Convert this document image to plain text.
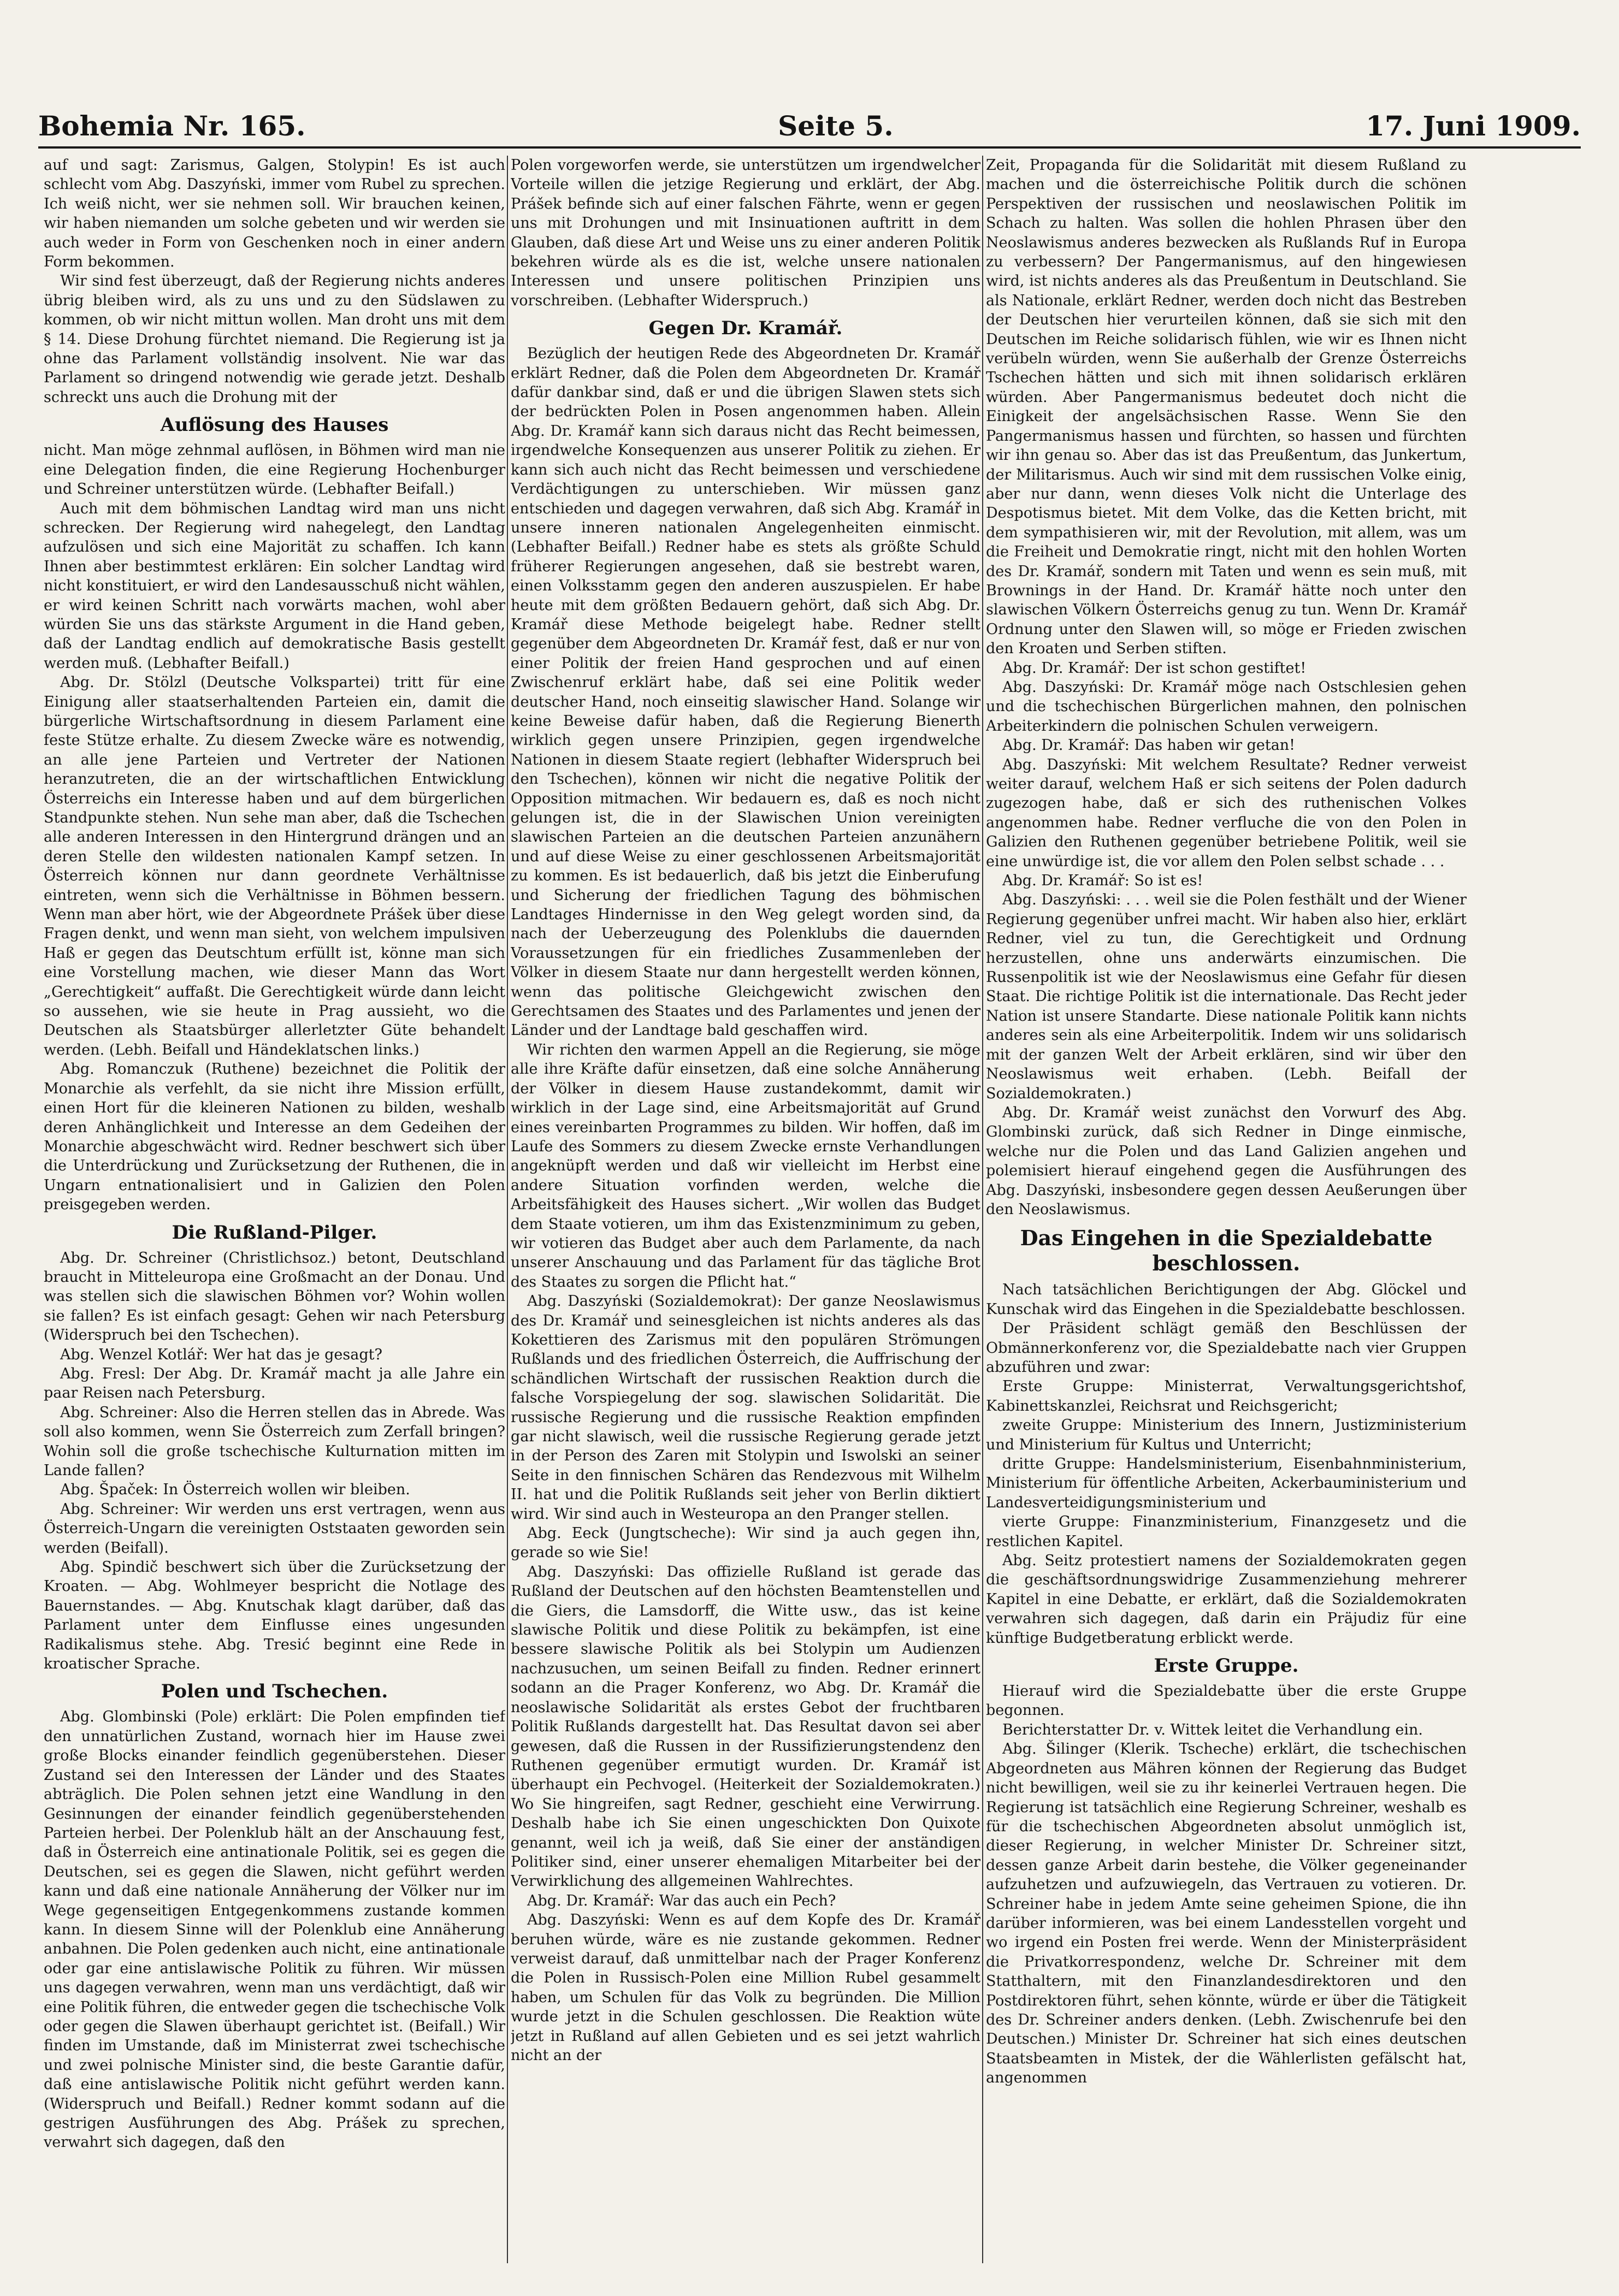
Bohemia Nr. 165.	Seite 5.	17. Juni 1909.

auf und sagt: Zarismus, Galgen, Stolypin! Es ist auch schlecht vom Abg. Daszyński, immer vom Rubel zu sprechen. Ich weiß nicht, wer sie nehmen soll. Wir brauchen keinen, wir haben niemanden um solche gebeten und wir werden sie auch weder in Form von Geschenken noch in einer andern Form bekommen.

Wir sind fest überzeugt, daß der Regierung nichts anderes übrig bleiben wird, als zu uns und zu den Südslawen zu kommen, ob wir nicht mittun wollen. Man droht uns mit dem § 14. Diese Drohung fürchtet niemand. Die Regierung ist ja ohne das Parlament vollständig insolvent. Nie war das Parlament so dringend notwendig wie gerade jetzt. Deshalb schreckt uns auch die Drohung mit der

Auflösung des Hauses

nicht. Man möge zehnmal auflösen, in Böhmen wird man nie eine Delegation finden, die eine Regierung Hochenburger und Schreiner unterstützen würde. (Lebhafter Beifall.)

Auch mit dem böhmischen Landtag wird man uns nicht schrecken. Der Regierung wird nahegelegt, den Landtag aufzulösen und sich eine Majorität zu schaffen. Ich kann Ihnen aber bestimmtest erklären: Ein solcher Landtag wird nicht konstituiert, er wird den Landesausschuß nicht wählen, er wird keinen Schritt nach vorwärts machen, wohl aber würden Sie uns das stärkste Argument in die Hand geben, daß der Landtag endlich auf demokratische Basis gestellt werden muß. (Lebhafter Beifall.)

Abg. Dr. Stölzl (Deutsche Volkspartei) tritt für eine Einigung aller staatserhaltenden Parteien ein, damit die bürgerliche Wirtschaftsordnung in diesem Parlament eine feste Stütze erhalte. Zu diesem Zwecke wäre es notwendig, an alle jene Parteien und Vertreter der Nationen heranzutreten, die an der wirtschaftlichen Entwicklung Österreichs ein Interesse haben und auf dem bürgerlichen Standpunkte stehen. Nun sehe man aber, daß die Tschechen alle anderen Interessen in den Hintergrund drängen und an deren Stelle den wildesten nationalen Kampf setzen. In Österreich können nur dann geordnete Verhältnisse eintreten, wenn sich die Verhältnisse in Böhmen bessern. Wenn man aber hört, wie der Abgeordnete Prášek über diese Fragen denkt, und wenn man sieht, von welchem impulsiven Haß er gegen das Deutschtum erfüllt ist, könne man sich eine Vorstellung machen, wie dieser Mann das Wort „Gerechtigkeit“ auffaßt. Die Gerechtigkeit würde dann leicht so aussehen, wie sie heute in Prag aussieht, wo die Deutschen als Staatsbürger allerletzter Güte behandelt werden. (Lebh. Beifall und Händeklatschen links.)

Abg. Romanczuk (Ruthene) bezeichnet die Politik der Monarchie als verfehlt, da sie nicht ihre Mission erfüllt, einen Hort für die kleineren Nationen zu bilden, weshalb deren Anhänglichkeit und Interesse an dem Gedeihen der Monarchie abgeschwächt wird. Redner beschwert sich über die Unterdrückung und Zurücksetzung der Ruthenen, die in Ungarn entnationalisiert und in Galizien den Polen preisgegeben werden.

Die Rußland-Pilger.

Abg. Dr. Schreiner (Christlichsoz.) betont, Deutschland braucht in Mitteleuropa eine Großmacht an der Donau. Und was stellen sich die slawischen Böhmen vor? Wohin wollen sie fallen? Es ist einfach gesagt: Gehen wir nach Petersburg (Widerspruch bei den Tschechen).

Abg. Wenzel Kotlář: Wer hat das je gesagt?

Abg. Fresl: Der Abg. Dr. Kramář macht ja alle Jahre ein paar Reisen nach Petersburg.

Abg. Schreiner: Also die Herren stellen das in Abrede. Was soll also kommen, wenn Sie Österreich zum Zerfall bringen? Wohin soll die große tschechische Kulturnation mitten im Lande fallen?

Abg. Špaček: In Österreich wollen wir bleiben.

Abg. Schreiner: Wir werden uns erst vertragen, wenn aus Österreich-Ungarn die vereinigten Oststaaten geworden sein werden (Beifall).

Abg. Spindič beschwert sich über die Zurücksetzung der Kroaten. — Abg. Wohlmeyer bespricht die Notlage des Bauernstandes. — Abg. Knutschak klagt darüber, daß das Parlament unter dem Einflusse eines ungesunden Radikalismus stehe. Abg. Tresić beginnt eine Rede in kroatischer Sprache.

Polen und Tschechen.

Abg. Glombinski (Pole) erklärt: Die Polen empfinden tief den unnatürlichen Zustand, wornach hier im Hause zwei große Blocks einander feindlich gegenüberstehen. Dieser Zustand sei den Interessen der Länder und des Staates abträglich. Die Polen sehnen jetzt eine Wandlung in den Gesinnungen der einander feindlich gegenüberstehenden Parteien herbei. Der Polenklub hält an der Anschauung fest, daß in Österreich eine antinationale Politik, sei es gegen die Deutschen, sei es gegen die Slawen, nicht geführt werden kann und daß eine nationale Annäherung der Völker nur im Wege gegenseitigen Entgegenkommens zustande kommen kann. In diesem Sinne will der Polenklub eine Annäherung anbahnen. Die Polen gedenken auch nicht, eine antinationale oder gar eine antislawische Politik zu führen. Wir müssen uns dagegen verwahren, wenn man uns verdächtigt, daß wir eine Politik führen, die entweder gegen die tschechische Volk oder gegen die Slawen überhaupt gerichtet ist. (Beifall.) Wir finden im Umstande, daß im Ministerrat zwei tschechische und zwei polnische Minister sind, die beste Garantie dafür, daß eine antislawische Politik nicht geführt werden kann. (Widerspruch und Beifall.) Redner kommt sodann auf die gestrigen Ausführungen des Abg. Prášek zu sprechen, verwahrt sich dagegen, daß den

Polen vorgeworfen werde, sie unterstützen um irgendwelcher Vorteile willen die jetzige Regierung und erklärt, der Abg. Prášek befinde sich auf einer falschen Fährte, wenn er gegen uns mit Drohungen und mit Insinuationen auftritt in dem Glauben, daß diese Art und Weise uns zu einer anderen Politik bekehren würde als es die ist, welche unsere nationalen Interessen und unsere politischen Prinzipien uns vorschreiben. (Lebhafter Widerspruch.)

Gegen Dr. Kramář.

Bezüglich der heutigen Rede des Abgeordneten Dr. Kramář erklärt Redner, daß die Polen dem Abgeordneten Dr. Kramář dafür dankbar sind, daß er und die übrigen Slawen stets sich der bedrückten Polen in Posen angenommen haben. Allein Abg. Dr. Kramář kann sich daraus nicht das Recht beimessen, irgendwelche Konsequenzen aus unserer Politik zu ziehen. Er kann sich auch nicht das Recht beimessen und verschiedene Verdächtigungen zu unterschieben. Wir müssen ganz entschieden und dagegen verwahren, daß sich Abg. Kramář in unsere inneren nationalen Angelegenheiten einmischt. (Lebhafter Beifall.) Redner habe es stets als größte Schuld früherer Regierungen angesehen, daß sie bestrebt waren, einen Volksstamm gegen den anderen auszuspielen. Er habe heute mit dem größten Bedauern gehört, daß sich Abg. Dr. Kramář diese Methode beigelegt habe. Redner stellt gegenüber dem Abgeordneten Dr. Kramář fest, daß er nur von einer Politik der freien Hand gesprochen und auf einen Zwischenruf erklärt habe, daß sei eine Politik weder deutscher Hand, noch einseitig slawischer Hand. Solange wir keine Beweise dafür haben, daß die Regierung Bienerth wirklich gegen unsere Prinzipien, gegen irgendwelche Nationen in diesem Staate regiert (lebhafter Widerspruch bei den Tschechen), können wir nicht die negative Politik der Opposition mitmachen. Wir bedauern es, daß es noch nicht gelungen ist, die in der Slawischen Union vereinigten slawischen Parteien an die deutschen Parteien anzunähern und auf diese Weise zu einer geschlossenen Arbeitsmajorität zu kommen. Es ist bedauerlich, daß bis jetzt die Einberufung und Sicherung der friedlichen Tagung des böhmischen Landtages Hindernisse in den Weg gelegt worden sind, da nach der Ueberzeugung des Polenklubs die dauernden Voraussetzungen für ein friedliches Zusammenleben der Völker in diesem Staate nur dann hergestellt werden können, wenn das politische Gleichgewicht zwischen den Gerechtsamen des Staates und des Parlamentes und jenen der Länder und der Landtage bald geschaffen wird.

Wir richten den warmen Appell an die Regierung, sie möge alle ihre Kräfte dafür einsetzen, daß eine solche Annäherung der Völker in diesem Hause zustandekommt, damit wir wirklich in der Lage sind, eine Arbeitsmajorität auf Grund eines vereinbarten Programmes zu bilden. Wir hoffen, daß im Laufe des Sommers zu diesem Zwecke ernste Verhandlungen angeknüpft werden und daß wir vielleicht im Herbst eine andere Situation vorfinden werden, welche die Arbeitsfähigkeit des Hauses sichert. „Wir wollen das Budget dem Staate votieren, um ihm das Existenzminimum zu geben, wir votieren das Budget aber auch dem Parlamente, da nach unserer Anschauung und das Parlament für das tägliche Brot des Staates zu sorgen die Pflicht hat.“

Abg. Daszyński (Sozialdemokrat): Der ganze Neoslawismus des Dr. Kramář und seinesgleichen ist nichts anderes als das Kokettieren des Zarismus mit den populären Strömungen Rußlands und des friedlichen Österreich, die Auffrischung der schändlichen Wirtschaft der russischen Reaktion durch die falsche Vorspiegelung der sog. slawischen Solidarität. Die russische Regierung und die russische Reaktion empfinden gar nicht slawisch, weil die russische Regierung gerade jetzt in der Person des Zaren mit Stolypin und Iswolski an seiner Seite in den finnischen Schären das Rendezvous mit Wilhelm II. hat und die Politik Rußlands seit jeher von Berlin diktiert wird. Wir sind auch in Westeuropa an den Pranger stellen.

Abg. Eeck (Jungtscheche): Wir sind ja auch gegen ihn, gerade so wie Sie!

Abg. Daszyński: Das offizielle Rußland ist gerade das Rußland der Deutschen auf den höchsten Beamtenstellen und die Giers, die Lamsdorff, die Witte usw., das ist keine slawische Politik und diese Politik zu bekämpfen, ist eine bessere slawische Politik als bei Stolypin um Audienzen nachzusuchen, um seinen Beifall zu finden. Redner erinnert sodann an die Prager Konferenz, wo Abg. Dr. Kramář die neoslawische Solidarität als erstes Gebot der fruchtbaren Politik Rußlands dargestellt hat. Das Resultat davon sei aber gewesen, daß die Russen in der Russifizierungstendenz den Ruthenen gegenüber ermutigt wurden. Dr. Kramář ist überhaupt ein Pechvogel. (Heiterkeit der Sozialdemokraten.) Wo Sie hingreifen, sagt Redner, geschieht eine Verwirrung. Deshalb habe ich Sie einen ungeschickten Don Quixote genannt, weil ich ja weiß, daß Sie einer der anständigen Politiker sind, einer unserer ehemaligen Mitarbeiter bei der Verwirklichung des allgemeinen Wahlrechtes.

Abg. Dr. Kramář: War das auch ein Pech?

Abg. Daszyński: Wenn es auf dem Kopfe des Dr. Kramář beruhen würde, wäre es nie zustande gekommen. Redner verweist darauf, daß unmittelbar nach der Prager Konferenz die Polen in Russisch-Polen eine Million Rubel gesammelt haben, um Schulen für das Volk zu begründen. Die Million wurde jetzt in die Schulen geschlossen. Die Reaktion wüte jetzt in Rußland auf allen Gebieten und es sei jetzt wahrlich nicht an der

Zeit, Propaganda für die Solidarität mit diesem Rußland zu machen und die österreichische Politik durch die schönen Perspektiven der russischen und neoslawischen Politik im Schach zu halten. Was sollen die hohlen Phrasen über den Neoslawismus anderes bezwecken als Rußlands Ruf in Europa zu verbessern? Der Pangermanismus, auf den hingewiesen wird, ist nichts anderes als das Preußentum in Deutschland. Sie als Nationale, erklärt Redner, werden doch nicht das Bestreben der Deutschen hier verurteilen können, daß sie sich mit den Deutschen im Reiche solidarisch fühlen, wie wir es Ihnen nicht verübeln würden, wenn Sie außerhalb der Grenze Österreichs Tschechen hätten und sich mit ihnen solidarisch erklären würden. Aber Pangermanismus bedeutet doch nicht die Einigkeit der angelsächsischen Rasse. Wenn Sie den Pangermanismus hassen und fürchten, so hassen und fürchten wir ihn genau so. Aber das ist das Preußentum, das Junkertum, der Militarismus. Auch wir sind mit dem russischen Volke einig, aber nur dann, wenn dieses Volk nicht die Unterlage des Despotismus bietet. Mit dem Volke, das die Ketten bricht, mit dem sympathisieren wir, mit der Revolution, mit allem, was um die Freiheit und Demokratie ringt, nicht mit den hohlen Worten des Dr. Kramář, sondern mit Taten und wenn es sein muß, mit Brownings in der Hand. Dr. Kramář hätte noch unter den slawischen Völkern Österreichs genug zu tun. Wenn Dr. Kramář Ordnung unter den Slawen will, so möge er Frieden zwischen den Kroaten und Serben stiften.

Abg. Dr. Kramář: Der ist schon gestiftet!

Abg. Daszyński: Dr. Kramář möge nach Ostschlesien gehen und die tschechischen Bürgerlichen mahnen, den polnischen Arbeiterkindern die polnischen Schulen verweigern.

Abg. Dr. Kramář: Das haben wir getan!

Abg. Daszyński: Mit welchem Resultate? Redner verweist weiter darauf, welchem Haß er sich seitens der Polen dadurch zugezogen habe, daß er sich des ruthenischen Volkes angenommen habe. Redner verfluche die von den Polen in Galizien den Ruthenen gegenüber betriebene Politik, weil sie eine unwürdige ist, die vor allem den Polen selbst schade . . .

Abg. Dr. Kramář: So ist es!

Abg. Daszyński: . . . weil sie die Polen festhält und der Wiener Regierung gegenüber unfrei macht. Wir haben also hier, erklärt Redner, viel zu tun, die Gerechtigkeit und Ordnung herzustellen, ohne uns anderwärts einzumischen. Die Russenpolitik ist wie der Neoslawismus eine Gefahr für diesen Staat. Die richtige Politik ist die internationale. Das Recht jeder Nation ist unsere Standarte. Diese nationale Politik kann nichts anderes sein als eine Arbeiterpolitik. Indem wir uns solidarisch mit der ganzen Welt der Arbeit erklären, sind wir über den Neoslawismus weit erhaben. (Lebh. Beifall der Sozialdemokraten.)

Abg. Dr. Kramář weist zunächst den Vorwurf des Abg. Glombinski zurück, daß sich Redner in Dinge einmische, welche nur die Polen und das Land Galizien angehen und polemisiert hierauf eingehend gegen die Ausführungen des Abg. Daszyński, insbesondere gegen dessen Aeußerungen über den Neoslawismus.

Das Eingehen in die Spezialdebatte beschlossen.

Nach tatsächlichen Berichtigungen der Abg. Glöckel und Kunschak wird das Eingehen in die Spezialdebatte beschlossen.

Der Präsident schlägt gemäß den Beschlüssen der Obmännerkonferenz vor, die Spezialdebatte nach vier Gruppen abzuführen und zwar:

Erste Gruppe: Ministerrat, Verwaltungsgerichtshof, Kabinettskanzlei, Reichsrat und Reichsgericht;

zweite Gruppe: Ministerium des Innern, Justizministerium und Ministerium für Kultus und Unterricht;

dritte Gruppe: Handelsministerium, Eisenbahnministerium, Ministerium für öffentliche Arbeiten, Ackerbauministerium und Landesverteidigungsministerium und

vierte Gruppe: Finanzministerium, Finanzgesetz und die restlichen Kapitel.

Abg. Seitz protestiert namens der Sozialdemokraten gegen die geschäftsordnungswidrige Zusammenziehung mehrerer Kapitel in eine Debatte, er erklärt, daß die Sozialdemokraten verwahren sich dagegen, daß darin ein Präjudiz für eine künftige Budgetberatung erblickt werde.

Erste Gruppe.

Hierauf wird die Spezialdebatte über die erste Gruppe begonnen.

Berichterstatter Dr. v. Wittek leitet die Verhandlung ein.

Abg. Šilinger (Klerik. Tscheche) erklärt, die tschechischen Abgeordneten aus Mähren können der Regierung das Budget nicht bewilligen, weil sie zu ihr keinerlei Vertrauen hegen. Die Regierung ist tatsächlich eine Regierung Schreiner, weshalb es für die tschechischen Abgeordneten absolut unmöglich ist, dieser Regierung, in welcher Minister Dr. Schreiner sitzt, dessen ganze Arbeit darin bestehe, die Völker gegeneinander aufzuhetzen und aufzuwiegeln, das Vertrauen zu votieren. Dr. Schreiner habe in jedem Amte seine geheimen Spione, die ihn darüber informieren, was bei einem Landesstellen vorgeht und wo irgend ein Posten frei werde. Wenn der Ministerpräsident die Privatkorrespondenz, welche Dr. Schreiner mit dem Statthaltern, mit den Finanzlandesdirektoren und den Postdirektoren führt, sehen könnte, würde er über die Tätigkeit des Dr. Schreiner anders denken. (Lebh. Zwischenrufe bei den Deutschen.) Minister Dr. Schreiner hat sich eines deutschen Staatsbeamten in Mistek, der die Wählerlisten gefälscht hat, angenommen
